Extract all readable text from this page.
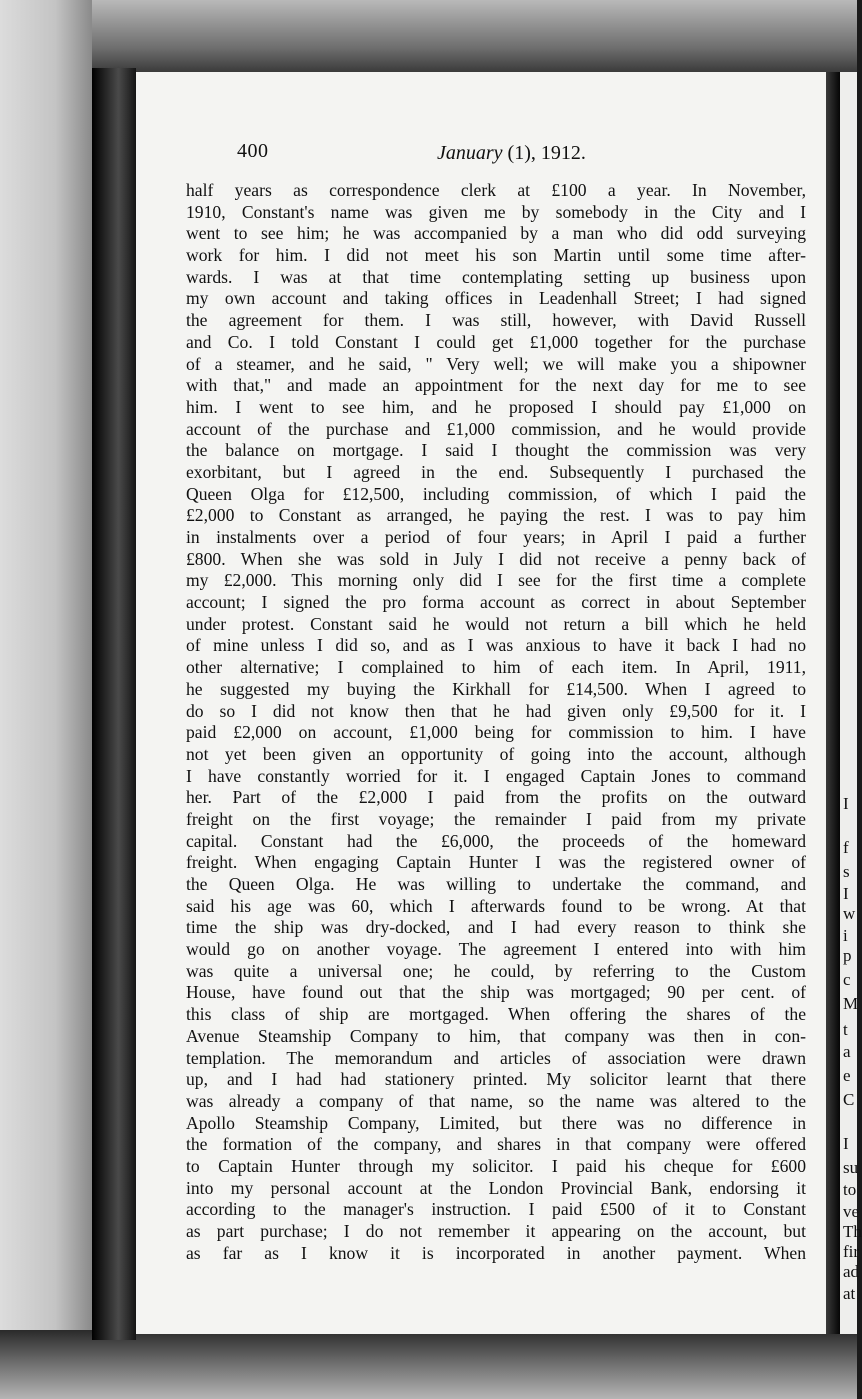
400	January (1), 1912.
half years as correspondence clerk at £100 a year. In November,
1910, Constant's name was given me by somebody in the City and I
went to see him; he was accompanied by a man who did odd surveying
work for him. I did not meet his son Martin until some time after-
wards. I was at that time contemplating setting up business upon
my own account and taking offices in Leadenhall Street; I had signed
the agreement for them. I was still, however, with David Russell
and Co. I told Constant I could get £1,000 together for the purchase
of a steamer, and he said, " Very well; we will make you a shipowner
with that," and made an appointment for the next day for me to see
him. I went to see him, and he proposed I should pay £1,000 on
account of the purchase and £1,000 commission, and he would provide
the balance on mortgage. I said I thought the commission was very
exorbitant, but I agreed in the end. Subsequently I purchased the
Queen Olga for £12,500, including commission, of which I paid the
£2,000 to Constant as arranged, he paying the rest. I was to pay him
in instalments over a period of four years; in April I paid a further
£800. When she was sold in July I did not receive a penny back of
my £2,000. This morning only did I see for the first time a complete
account; I signed the pro forma account as correct in about September
under protest. Constant said he would not return a bill which he held
of mine unless I did so, and as I was anxious to have it back I had no
other alternative; I complained to him of each item. In April, 1911,
he suggested my buying the Kirkhall for £14,500. When I agreed to
do so I did not know then that he had given only £9,500 for it. I
paid £2,000 on account, £1,000 being for commission to him. I have
not yet been given an opportunity of going into the account, although
I have constantly worried for it. I engaged Captain Jones to command
her. Part of the £2,000 I paid from the profits on the outward
freight on the first voyage; the remainder I paid from my private
capital. Constant had the £6,000, the proceeds of the homeward
freight. When engaging Captain Hunter I was the registered owner of
the Queen Olga. He was willing to undertake the command, and
said his age was 60, which I afterwards found to be wrong. At that
time the ship was dry-docked, and I had every reason to think she
would go on another voyage. The agreement I entered into with him
was quite a universal one; he could, by referring to the Custom
House, have found out that the ship was mortgaged; 90 per cent. of
this class of ship are mortgaged. When offering the shares of the
Avenue Steamship Company to him, that company was then in con-
templation. The memorandum and articles of association were drawn
up, and I had had stationery printed. My solicitor learnt that there
was already a company of that name, so the name was altered to the
Apollo Steamship Company, Limited, but there was no difference in
the formation of the company, and shares in that company were offered
to Captain Hunter through my solicitor. I paid his cheque for £600
into my personal account at the London Provincial Bank, endorsing it
according to the manager's instruction. I paid £500 of it to Constant
as part purchase; I do not remember it appearing on the account, but
as far as I know it is incorporated in another payment. When
I
f
s
I
w
i
p
c
M
t
a
e
C
I
su
to
ve
Th
fir
ad
at
